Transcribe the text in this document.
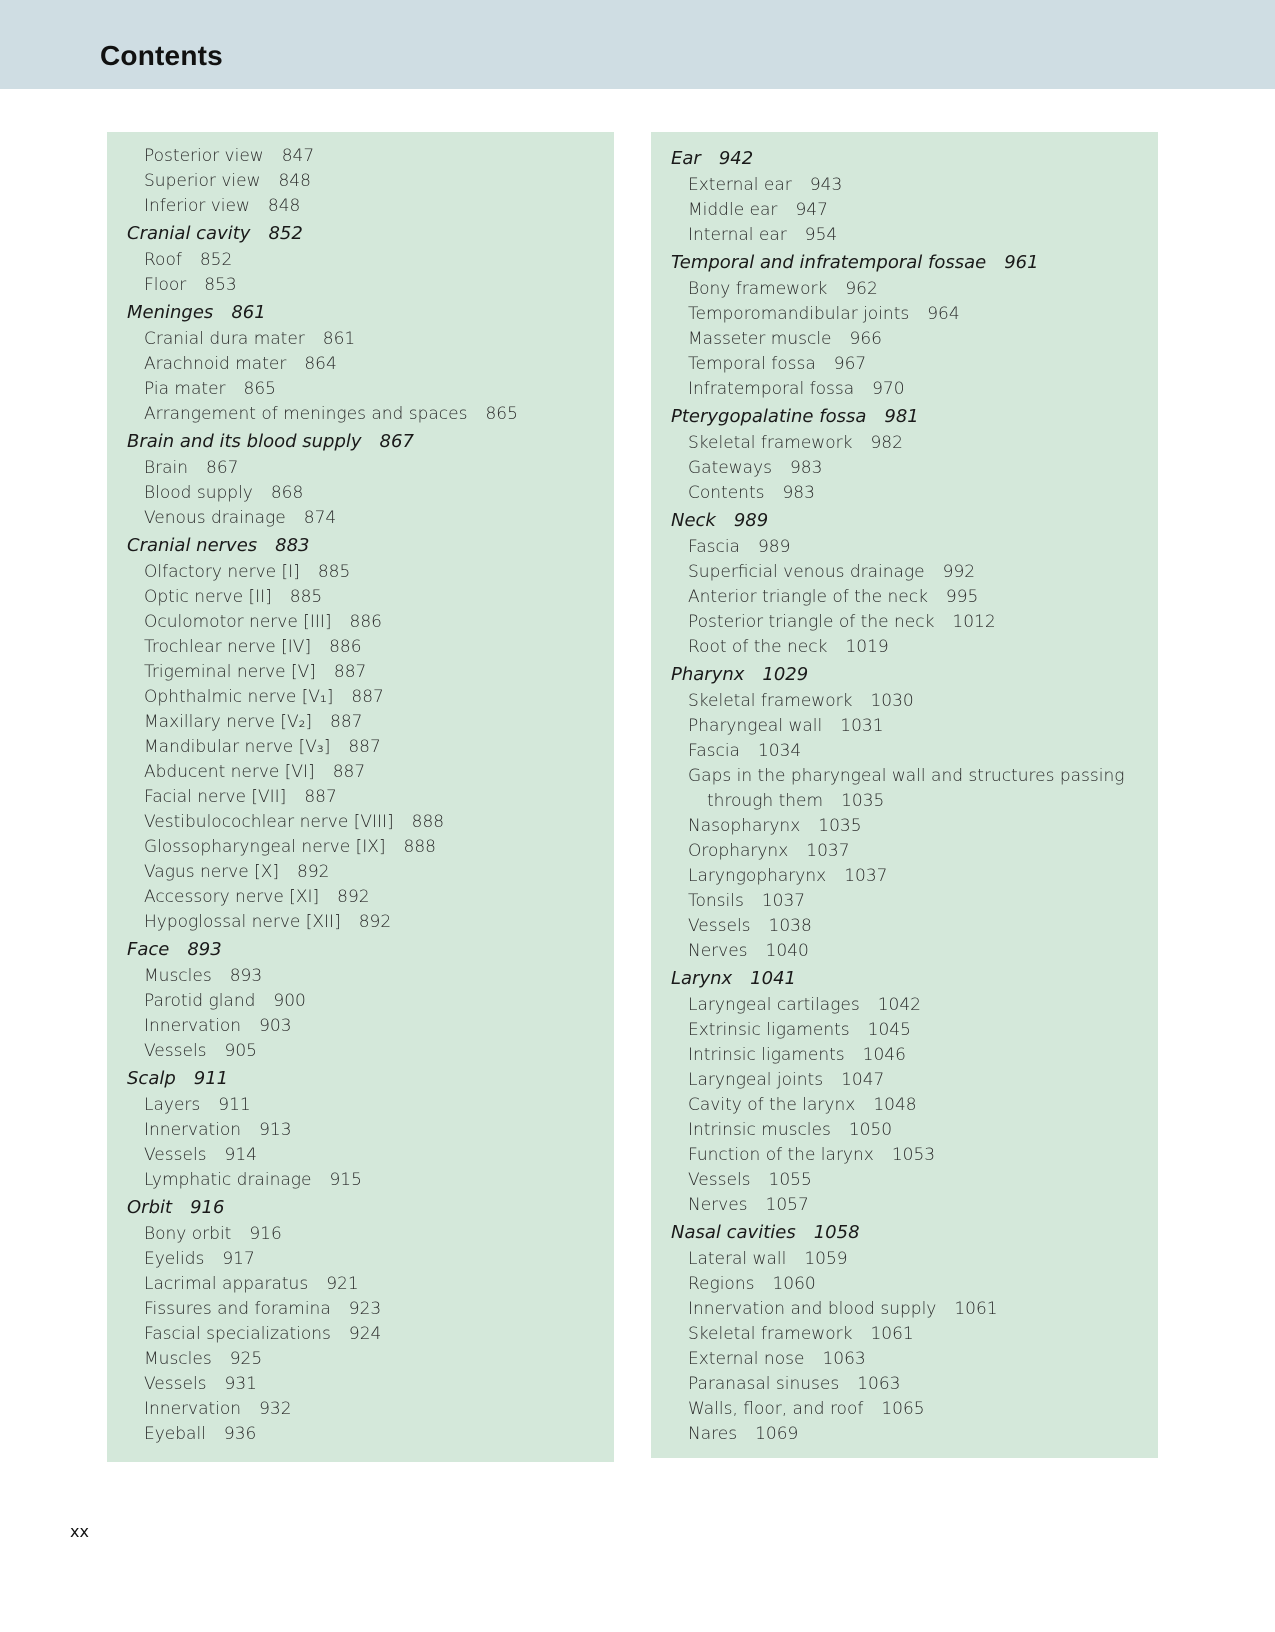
Contents
Posterior view 847
Superior view 848
Inferior view 848
Cranial cavity 852
Roof 852
Floor 853
Meninges 861
Cranial dura mater 861
Arachnoid mater 864
Pia mater 865
Arrangement of meninges and spaces 865
Brain and its blood supply 867
Brain 867
Blood supply 868
Venous drainage 874
Cranial nerves 883
Olfactory nerve [I] 885
Optic nerve [II] 885
Oculomotor nerve [III] 886
Trochlear nerve [IV] 886
Trigeminal nerve [V] 887
Ophthalmic nerve [V₁] 887
Maxillary nerve [V₂] 887
Mandibular nerve [V₃] 887
Abducent nerve [VI] 887
Facial nerve [VII] 887
Vestibulocochlear nerve [VIII] 888
Glossopharyngeal nerve [IX] 888
Vagus nerve [X] 892
Accessory nerve [XI] 892
Hypoglossal nerve [XII] 892
Face 893
Muscles 893
Parotid gland 900
Innervation 903
Vessels 905
Scalp 911
Layers 911
Innervation 913
Vessels 914
Lymphatic drainage 915
Orbit 916
Bony orbit 916
Eyelids 917
Lacrimal apparatus 921
Fissures and foramina 923
Fascial specializations 924
Muscles 925
Vessels 931
Innervation 932
Eyeball 936
Ear 942
External ear 943
Middle ear 947
Internal ear 954
Temporal and infratemporal fossae 961
Bony framework 962
Temporomandibular joints 964
Masseter muscle 966
Temporal fossa 967
Infratemporal fossa 970
Pterygopalatine fossa 981
Skeletal framework 982
Gateways 983
Contents 983
Neck 989
Fascia 989
Superficial venous drainage 992
Anterior triangle of the neck 995
Posterior triangle of the neck 1012
Root of the neck 1019
Pharynx 1029
Skeletal framework 1030
Pharyngeal wall 1031
Fascia 1034
Gaps in the pharyngeal wall and structures passing
through them 1035
Nasopharynx 1035
Oropharynx 1037
Laryngopharynx 1037
Tonsils 1037
Vessels 1038
Nerves 1040
Larynx 1041
Laryngeal cartilages 1042
Extrinsic ligaments 1045
Intrinsic ligaments 1046
Laryngeal joints 1047
Cavity of the larynx 1048
Intrinsic muscles 1050
Function of the larynx 1053
Vessels 1055
Nerves 1057
Nasal cavities 1058
Lateral wall 1059
Regions 1060
Innervation and blood supply 1061
Skeletal framework 1061
External nose 1063
Paranasal sinuses 1063
Walls, floor, and roof 1065
Nares 1069
xx
